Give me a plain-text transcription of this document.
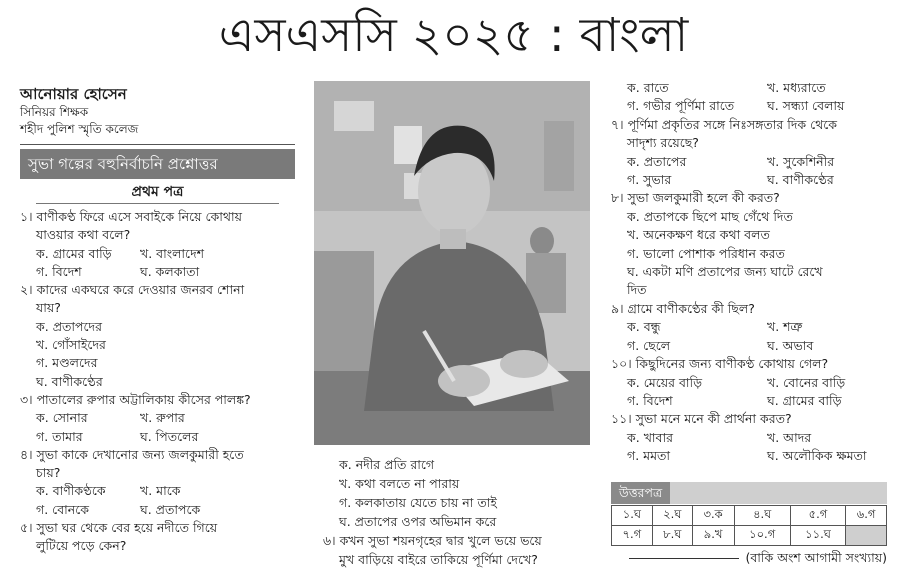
এসএসসি ২০২৫ : বাংলা
আনোয়ার হোসেন
সিনিয়র শিক্ষক
শহীদ পুলিশ স্মৃতি কলেজ
সুভা গল্পের বহুনির্বাচনি প্রশ্নোত্তর
প্রথম পত্র

১। বাণীকণ্ঠ ফিরে এসে সবাইকে নিয়ে কোথায়

যাওয়ার কথা বলে?

ক. গ্রামের বাড়ি খ. বাংলাদেশ

গ. বিদেশ	ঘ. কলকাতা

২। কাদের একঘরে করে দেওয়ার জনরব শোনা

যায়?

ক. প্রতাপদের

খ. গোঁসাইদের

গ. মণ্ডলদের

ঘ. বাণীকণ্ঠের

৩। পাতালের রুপার অট্টালিকায় কীসের পালঙ্ক?

ক. সোনার	খ. রুপার

গ. তামার	ঘ. পিতলের

৪। সুভা কাকে দেখানোর জন্য জলকুমারী হতে

চায়?

ক. বাণীকণ্ঠকে	খ. মাকে

গ. বোনকে	ঘ. প্রতাপকে

৫। সুভা ঘর থেকে বের হয়ে নদীতে গিয়ে

লুটিয়ে পড়ে কেন?

ক. নদীর প্রতি রাগে

খ. কথা বলতে না পারায়

গ. কলকাতায় যেতে চায় না তাই

ঘ. প্রতাপের ওপর অভিমান করে

৬। কখন সুভা শয়নগৃহের দ্বার খুলে ভয়ে ভয়ে

মুখ বাড়িয়ে বাইরে তাকিয়ে পূর্ণিমা দেখে?

ক. রাতে	খ. মধ্যরাতে

গ. গভীর পূর্ণিমা রাতে	ঘ. সন্ধ্যা বেলায়

৭। পূর্ণিমা প্রকৃতির সঙ্গে নিঃসঙ্গতার দিক থেকে

সাদৃশ্য রয়েছে?

ক. প্রতাপের	খ. সুকেশিনীর

গ. সুভার	ঘ. বাণীকণ্ঠের

৮। সুভা জলকুমারী হলে কী করত?

ক. প্রতাপকে ছিপে মাছ গেঁথে দিত

খ. অনেকক্ষণ ধরে কথা বলত

গ. ভালো পোশাক পরিধান করত

ঘ. একটা মণি প্রতাপের জন্য ঘাটে রেখে

দিত

৯। গ্রামে বাণীকণ্ঠের কী ছিল?

ক. বন্ধু	খ. শত্রু

গ. ছেলে	ঘ. অভাব

১০। কিছুদিনের জন্য বাণীকণ্ঠ কোথায় গেল?

ক. মেয়ের বাড়ি	খ. বোনের বাড়ি

গ. বিদেশ	ঘ. গ্রামের বাড়ি

১১। সুভা মনে মনে কী প্রার্থনা করত?

ক. খাবার	খ. আদর

গ. মমতা	ঘ. অলৌকিক ক্ষমতা

উত্তরপত্র
১.ঘ	২.ঘ	৩.ক	৪.ঘ	৫.গ	৬.গ
৭.গ	৮.ঘ	৯.খ	১০.গ	১১.ঘ	
(বাকি অংশ আগামী সংখ্যায়)
